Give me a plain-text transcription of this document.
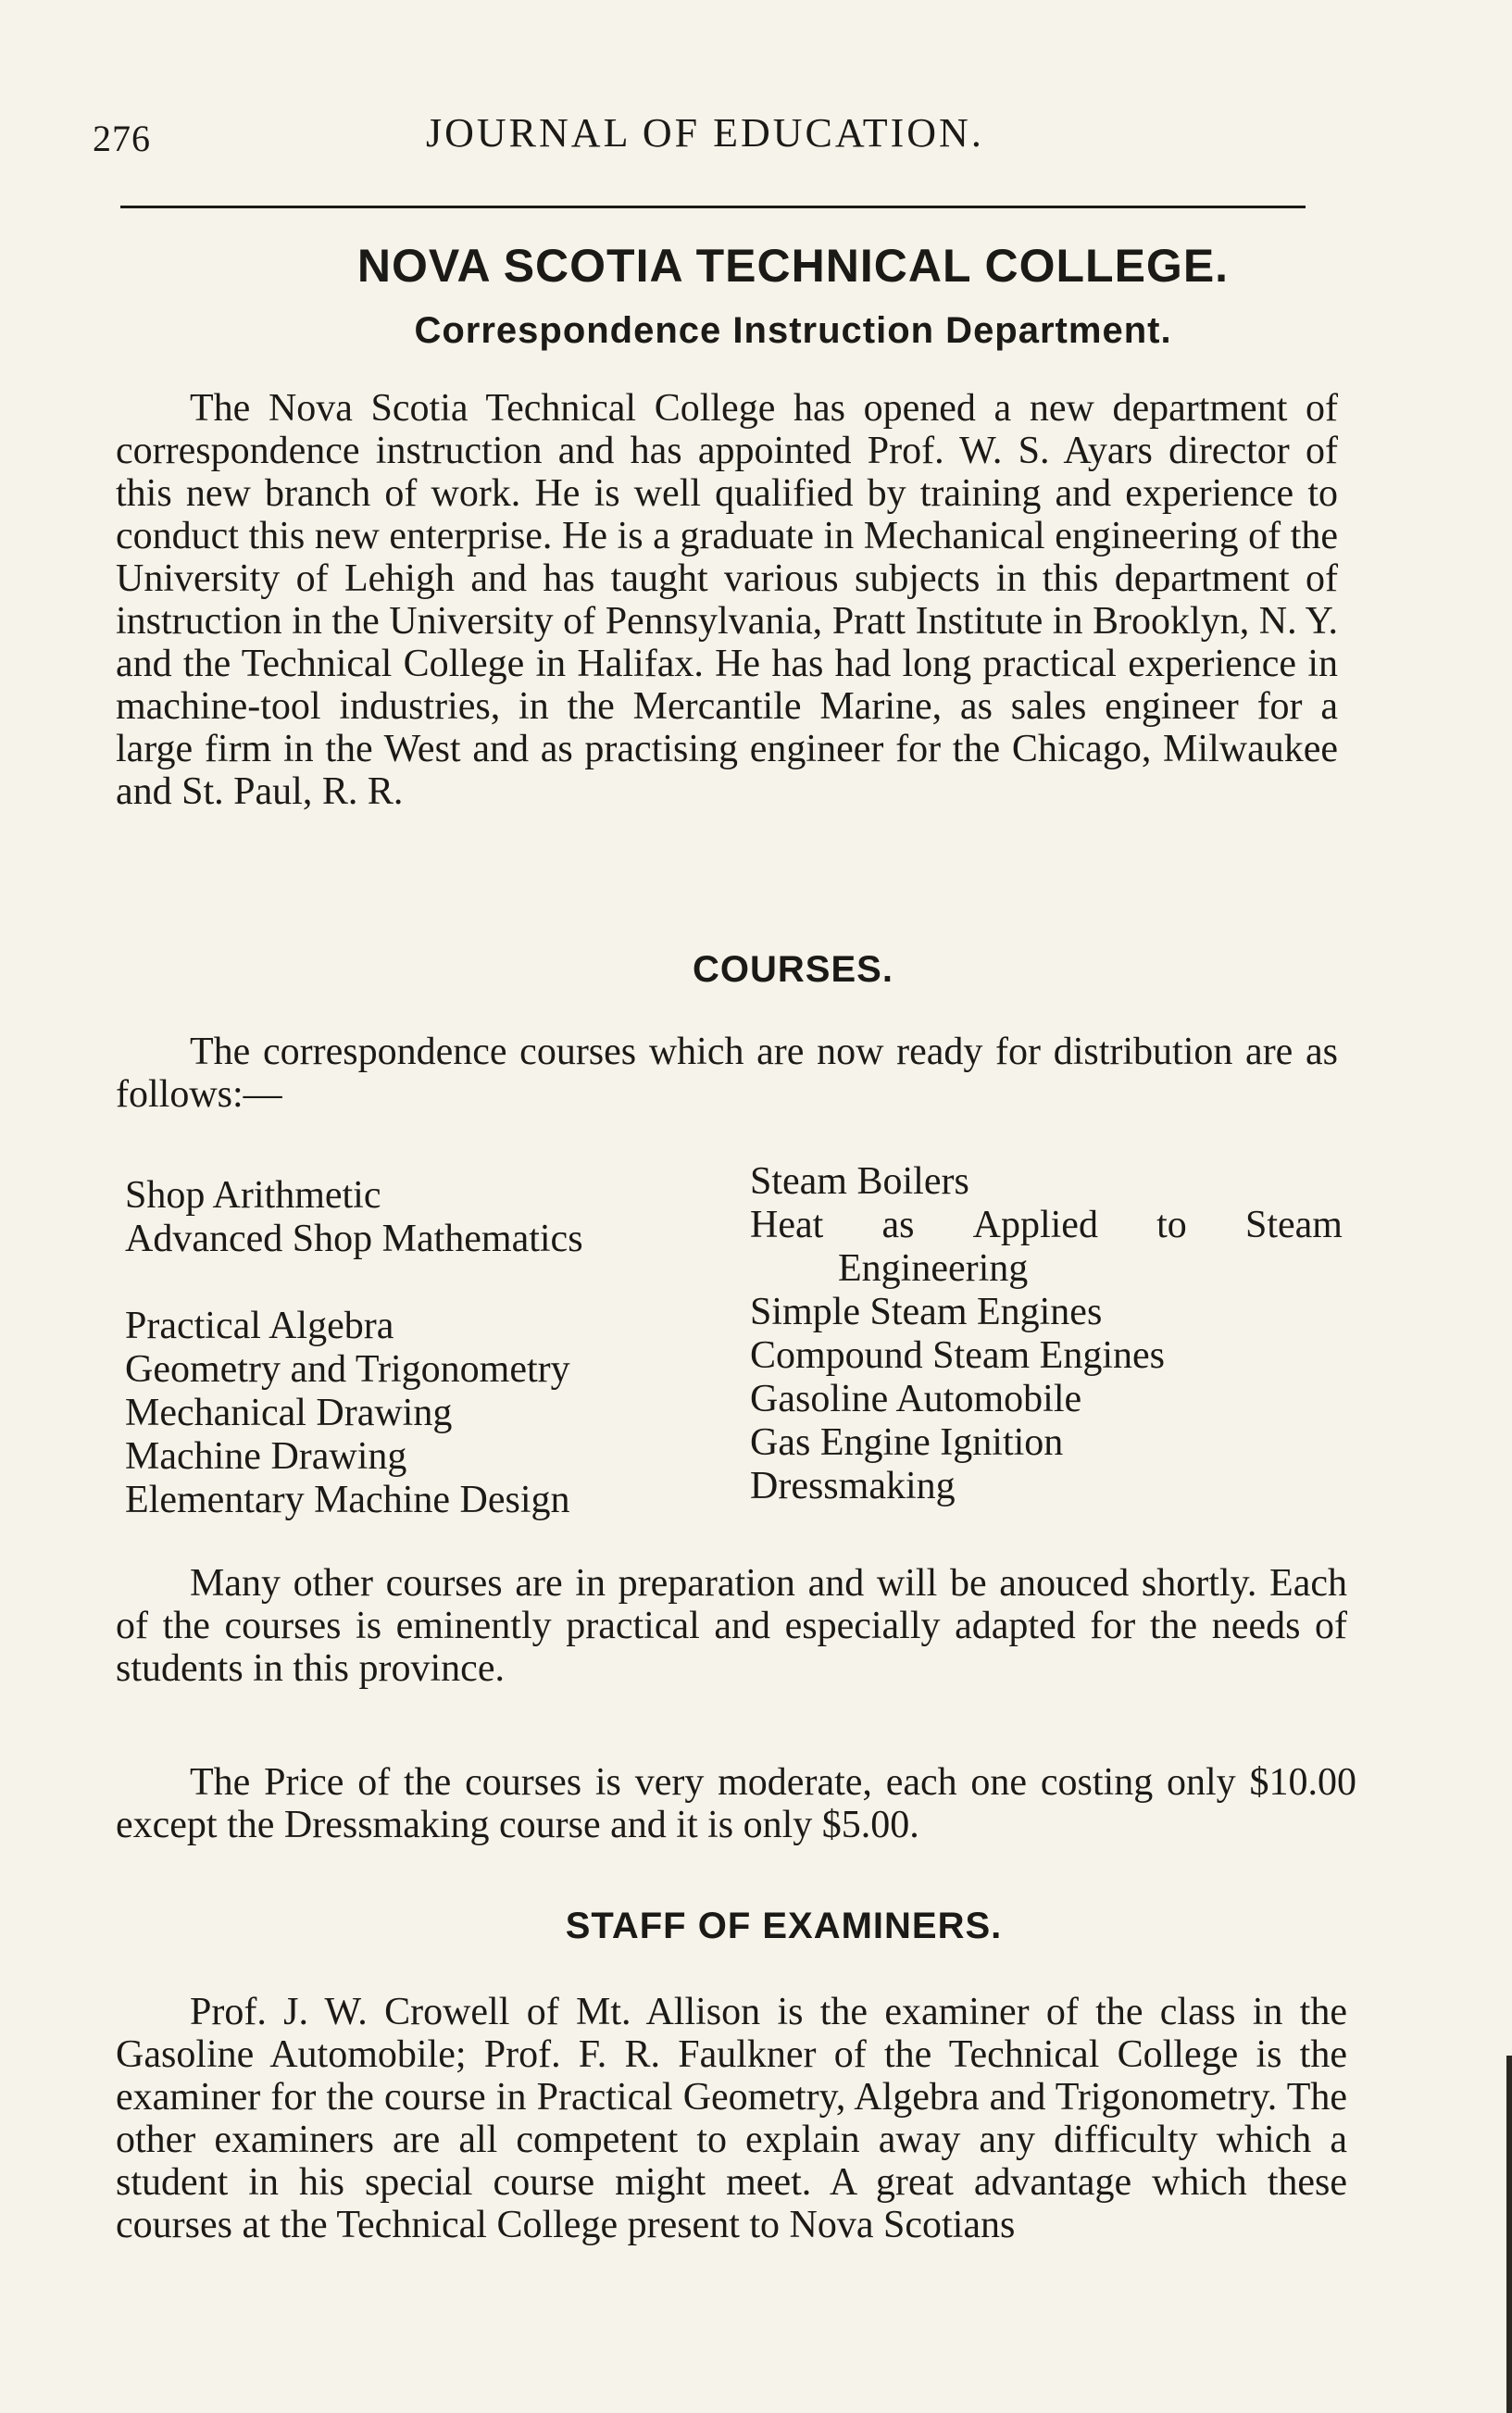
276	JOURNAL OF EDUCATION.
NOVA SCOTIA TECHNICAL COLLEGE.
Correspondence Instruction Department.

The Nova Scotia Technical College has opened a new department of correspondence instruction and has appointed Prof. W. S. Ayars director of this new branch of work. He is well qualified by training and experience to conduct this new enterprise. He is a graduate in Mechanical engineering of the University of Lehigh and has taught various subjects in this department of instruction in the University of Pennsylvania, Pratt Institute in Brooklyn, N. Y. and the Technical College in Halifax. He has had long practical experience in machine-tool industries, in the Mercantile Marine, as sales engineer for a large firm in the West and as practising engineer for the Chicago, Milwaukee and St. Paul, R. R.

COURSES.

The correspondence courses which are now ready for distribution are as follows:—

Shop Arithmetic
Advanced Shop Mathematics
Practical Algebra
Geometry and Trigonometry
Mechanical Drawing
Machine Drawing
Elementary Machine Design
Steam Boilers
Heat as Applied to Steam
Engineering
Simple Steam Engines
Compound Steam Engines
Gasoline Automobile
Gas Engine Ignition
Dressmaking

Many other courses are in preparation and will be anouced shortly. Each of the courses is eminently practical and especially adapted for the needs of students in this province.

The Price of the courses is very moderate, each one costing only $10.00 except the Dressmaking course and it is only $5.00.

STAFF OF EXAMINERS.

Prof. J. W. Crowell of Mt. Allison is the examiner of the class in the Gasoline Automobile; Prof. F. R. Faulkner of the Technical College is the examiner for the course in Practical Geometry, Algebra and Trigonometry. The other examiners are all competent to explain away any difficulty which a student in his special course might meet. A great advantage which these courses at the Technical College present to Nova Scotians
